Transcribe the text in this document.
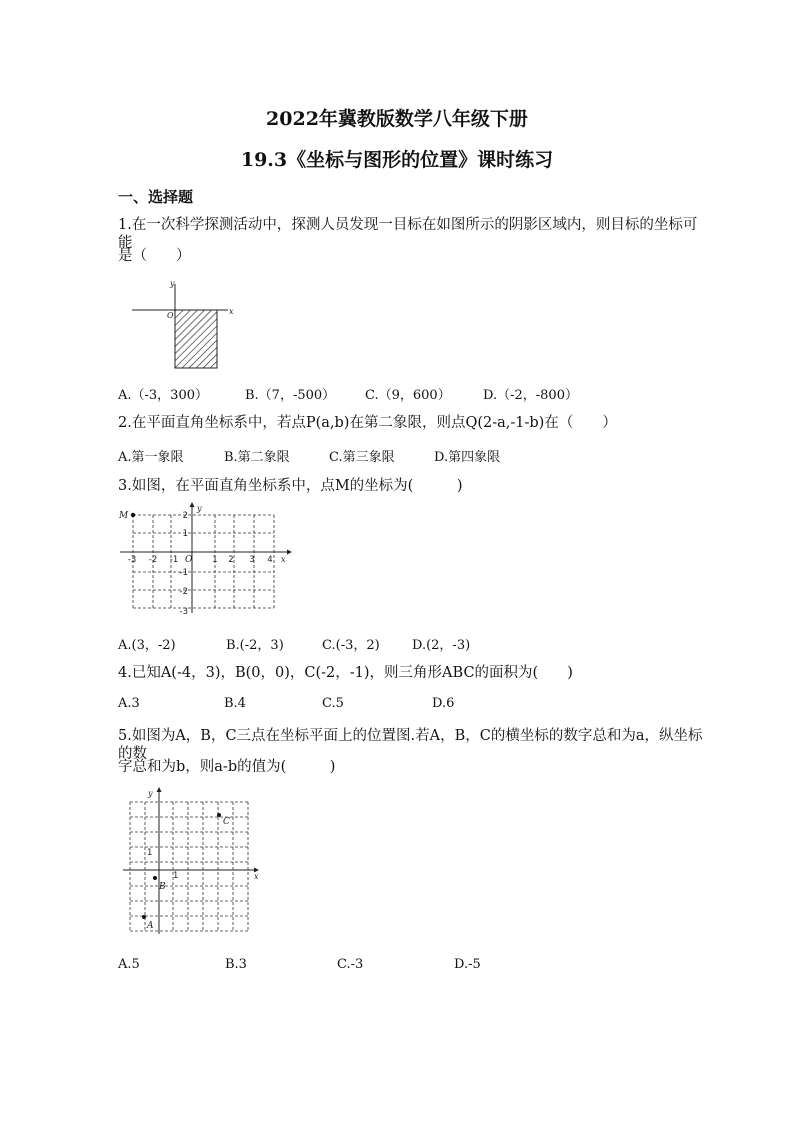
2022年冀教版数学八年级下册
19.3《坐标与图形的位置》课时练习
一、选择题
1.在一次科学探测活动中，探测人员发现一目标在如图所示的阴影区域内，则目标的坐标可能
是（　　）
y
x
O
A.（-3，300）	B.（7，-500） C.（9，600） D.（-2，-800）
2.在平面直角坐标系中，若点P(a,b)在第二象限，则点Q(2-a,-1-b)在（　　）
A.第一象限	B.第二象限	C.第三象限	D.第四象限
3.如图，在平面直角坐标系中，点M的坐标为(　　　)
x
y
O
-3 -2 -1	1 2 3 4
2
1
-1
-2
-3
M
A.(3，-2)	B.(-2，3)	C.(-3，2) D.(2，-3)
4.已知A(-4，3)，B(0，0)，C(-2，-1)，则三角形ABC的面积为(　　)
A.3	B.4	C.5	D.6
5.如图为A，B，C三点在坐标平面上的位置图.若A，B，C的横坐标的数字总和为a，纵坐标的数
字总和为b，则a-b的值为(　　　)
x
y
1
1
C
B
A
A.5	B.3	C.-3	D.-5
